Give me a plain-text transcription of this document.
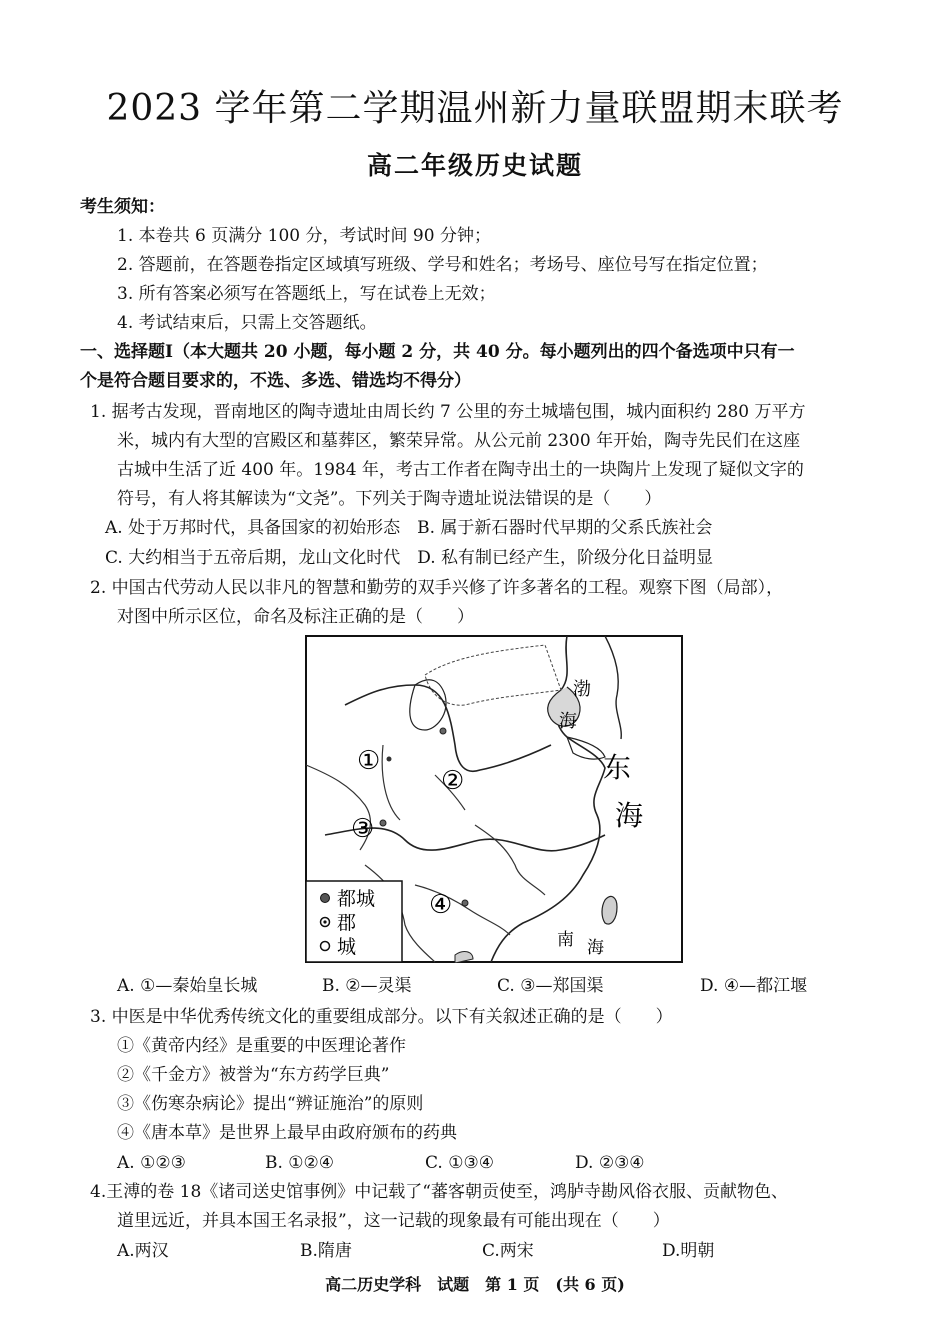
2023 学年第二学期温州新力量联盟期末联考
高二年级历史试题
考生须知：
1. 本卷共 6 页满分 100 分，考试时间 90 分钟；
2. 答题前，在答题卷指定区域填写班级、学号和姓名；考场号、座位号写在指定位置；
3. 所有答案必须写在答题纸上，写在试卷上无效；
4. 考试结束后，只需上交答题纸。
一、选择题Ⅰ（本大题共 20 小题，每小题 2 分，共 40 分。每小题列出的四个备选项中只有一
个是符合题目要求的，不选、多选、错选均不得分）
1. 据考古发现，晋南地区的陶寺遗址由周长约 7 公里的夯土城墙包围，城内面积约 280 万平方
米，城内有大型的宫殿区和墓葬区，繁荣异常。从公元前 2300 年开始，陶寺先民们在这座
古城中生活了近 400 年。1984 年，考古工作者在陶寺出土的一块陶片上发现了疑似文字的
符号，有人将其解读为“文尧”。下列关于陶寺遗址说法错误的是（　　）
A. 处于万邦时代，具备国家的初始形态　B. 属于新石器时代早期的父系氏族社会
C. 大约相当于五帝后期，龙山文化时代　D. 私有制已经产生，阶级分化日益明显
2. 中国古代劳动人民以非凡的智慧和勤劳的双手兴修了许多著名的工程。观察下图（局部），
对图中所示区位，命名及标注正确的是（　　）
渤
海
东
海
南 海
①
②
③
④
都城
郡
城
A. ①—秦始皇长城	B. ②—灵渠	C. ③—郑国渠	D. ④—都江堰
3. 中医是中华优秀传统文化的重要组成部分。以下有关叙述正确的是（　　）
①《黄帝内经》是重要的中医理论著作
②《千金方》被誉为“东方药学巨典”
③《伤寒杂病论》提出“辨证施治”的原则
④《唐本草》是世界上最早由政府颁布的药典
A. ①②③	B. ①②④	C. ①③④	D. ②③④
4.王溥的卷 18《诸司送史馆事例》中记载了“蕃客朝贡使至，鸿胪寺勘风俗衣服、贡献物色、
道里远近，并具本国王名录报”，这一记载的现象最有可能出现在（　　）
A.两汉	B.隋唐	C.两宋	D.明朝
高二历史学科　试题　第 1 页　(共 6 页)
